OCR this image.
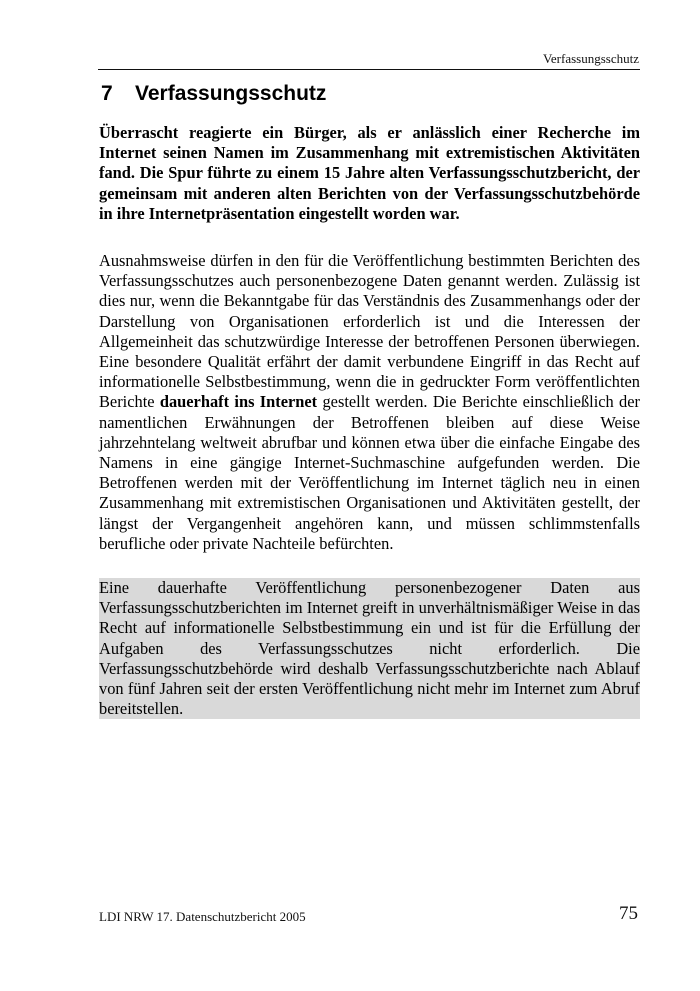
Verfassungsschutz
7 Verfassungsschutz

Überrascht reagierte ein Bürger, als er anlässlich einer Recherche im Internet seinen Namen im Zusammenhang mit extremistischen Aktivitäten fand. Die Spur führte zu einem 15 Jahre alten Verfassungsschutzbericht, der gemeinsam mit anderen alten Berichten von der Verfassungsschutzbehörde in ihre Internetpräsentation eingestellt worden war.

Ausnahmsweise dürfen in den für die Veröffentlichung bestimmten Berichten des Verfassungsschutzes auch personenbezogene Daten genannt werden. Zulässig ist dies nur, wenn die Bekanntgabe für das Verständnis des Zusammenhangs oder der Darstellung von Organisationen erforderlich ist und die Interessen der Allgemeinheit das schutzwürdige Interesse der betroffenen Personen überwiegen. Eine besondere Qualität erfährt der damit verbundene Eingriff in das Recht auf informationelle Selbstbestimmung, wenn die in gedruckter Form veröffentlichten Berichte dauerhaft ins Internet gestellt werden. Die Berichte einschließlich der namentlichen Erwähnungen der Betroffenen bleiben auf diese Weise jahrzehntelang weltweit abrufbar und können etwa über die einfache Eingabe des Namens in eine gängige Internet-Suchmaschine aufgefunden werden. Die Betroffenen werden mit der Veröffentlichung im Internet täglich neu in einen Zusammenhang mit extremistischen Organisationen und Aktivitäten gestellt, der längst der Vergangenheit angehören kann, und müssen schlimmstenfalls berufliche oder private Nachteile befürchten.

Eine dauerhafte Veröffentlichung personenbezogener Daten aus Verfassungsschutzberichten im Internet greift in unverhältnismäßiger Weise in das Recht auf informationelle Selbstbestimmung ein und ist für die Erfüllung der Aufgaben des Verfassungsschutzes nicht erforderlich. Die Verfassungsschutzbehörde wird deshalb Verfassungsschutzberichte nach Ablauf von fünf Jahren seit der ersten Veröffentlichung nicht mehr im Internet zum Abruf bereitstellen.

LDI NRW 17. Datenschutzbericht 2005	75
